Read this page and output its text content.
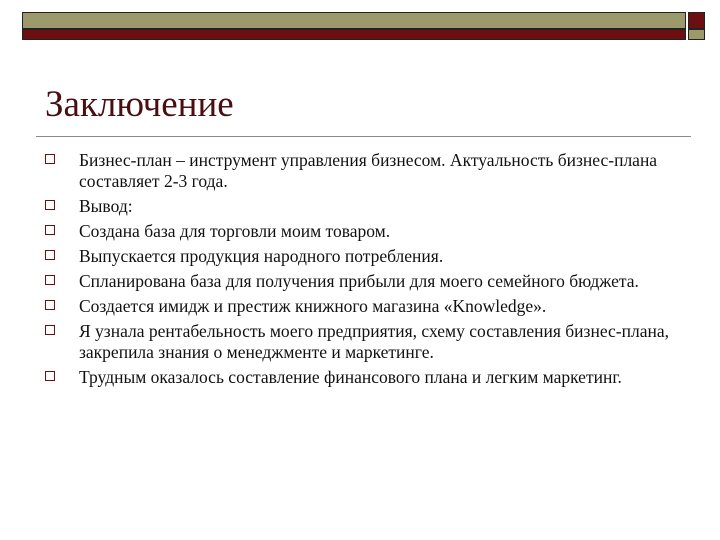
Заключение
Бизнес-план – инструмент управления бизнесом. Актуальность бизнес-плана составляет 2-3 года.
Вывод:
Создана база для торговли моим товаром.
Выпускается продукция народного потребления.
Спланирована база для получения прибыли для моего семейного бюджета.
Создается имидж и престиж книжного магазина «Knowledge».
Я узнала рентабельность моего предприятия, схему составления бизнес-плана, закрепила знания о менеджменте и маркетинге.
Трудным оказалось составление финансового плана и легким маркетинг.
